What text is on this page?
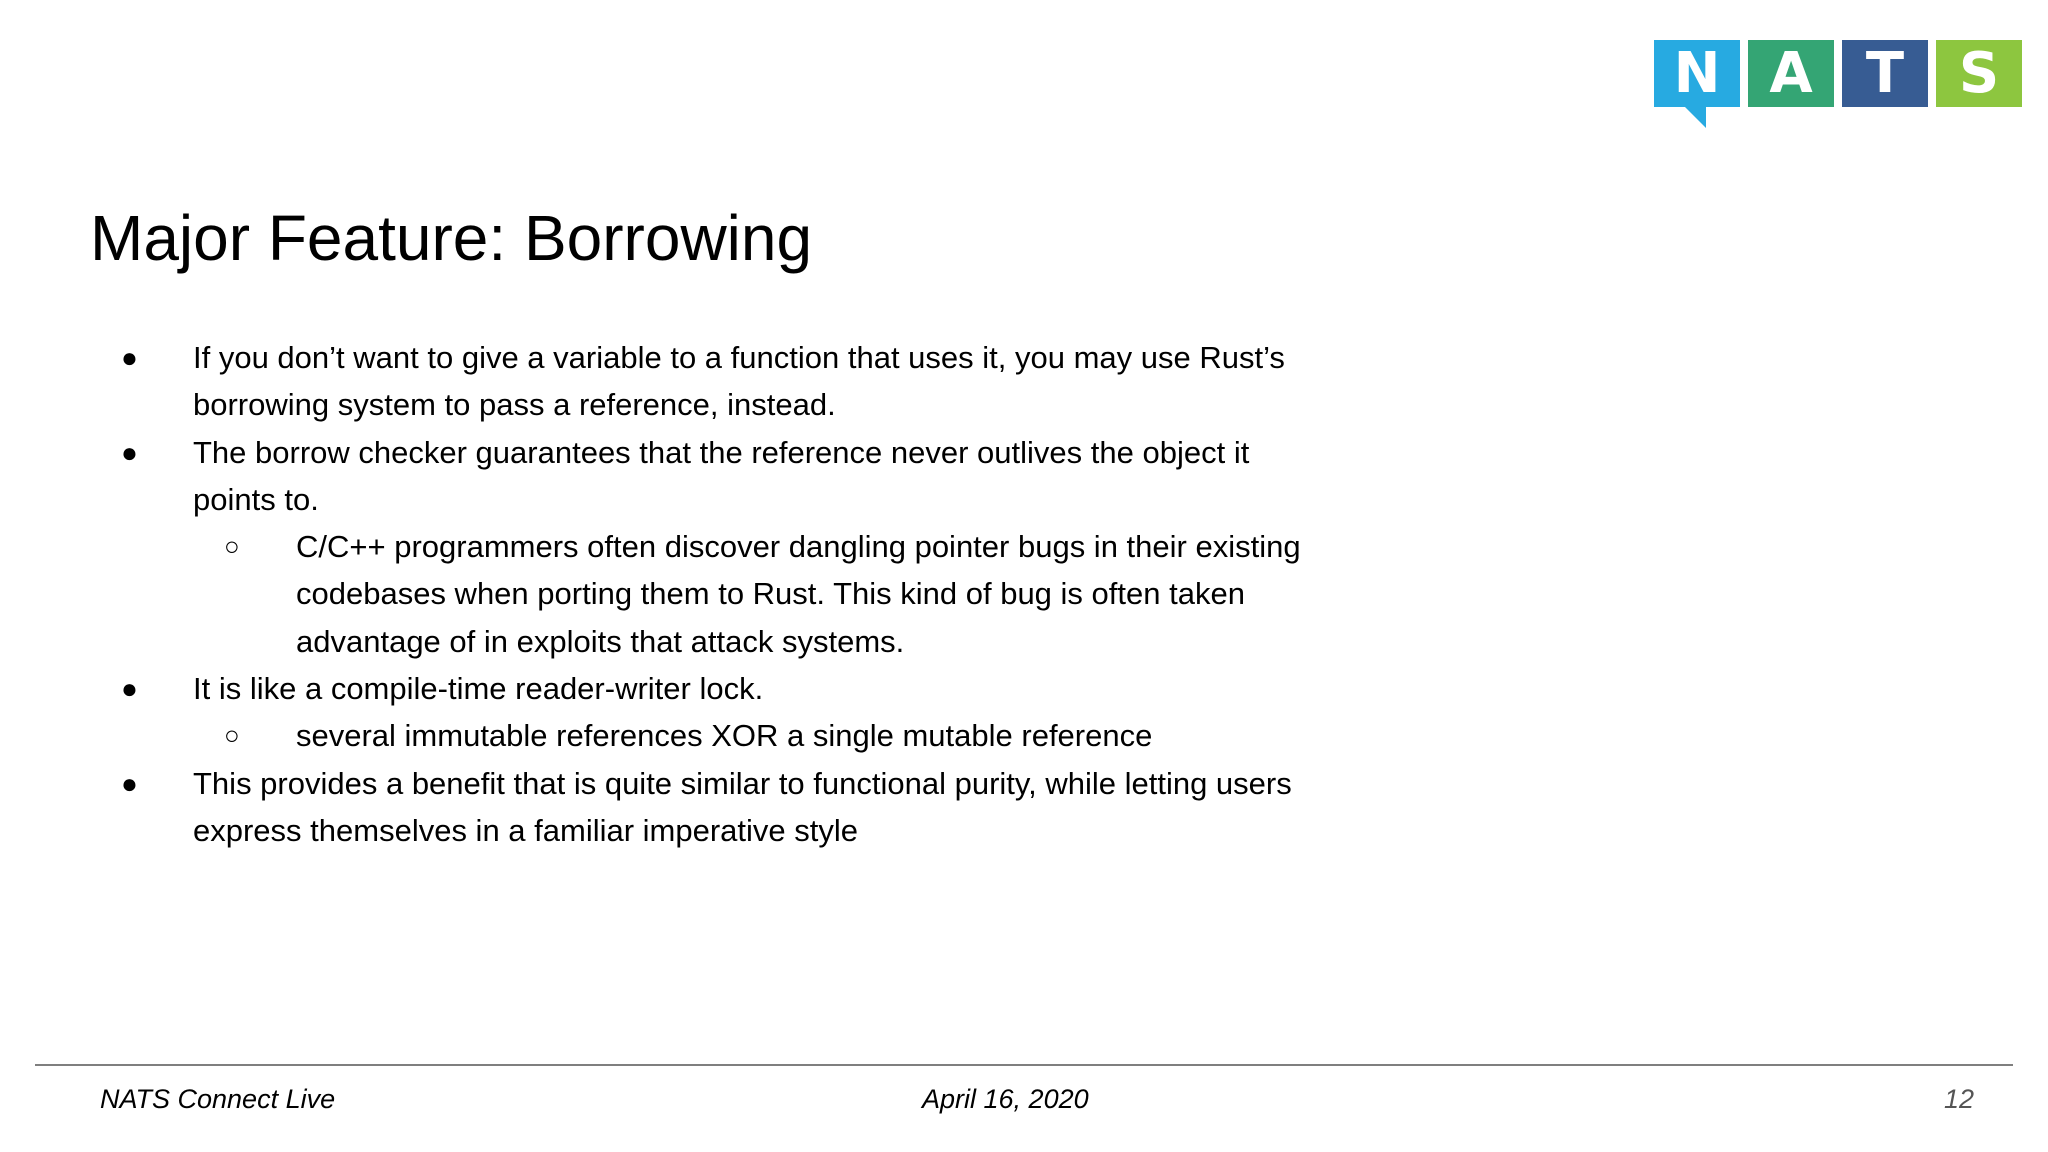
N A T S
Major Feature: Borrowing
● If you don’t want to give a variable to a function that uses it, you may use Rust’s
borrowing system to pass a reference, instead.
● The borrow checker guarantees that the reference never outlives the object it
points to.
○ C/C++ programmers often discover dangling pointer bugs in their existing
codebases when porting them to Rust. This kind of bug is often taken
advantage of in exploits that attack systems.
● It is like a compile-time reader-writer lock.
○ several immutable references XOR a single mutable reference
● This provides a benefit that is quite similar to functional purity, while letting users
express themselves in a familiar imperative style
NATS Connect Live	April 16, 2020	12
